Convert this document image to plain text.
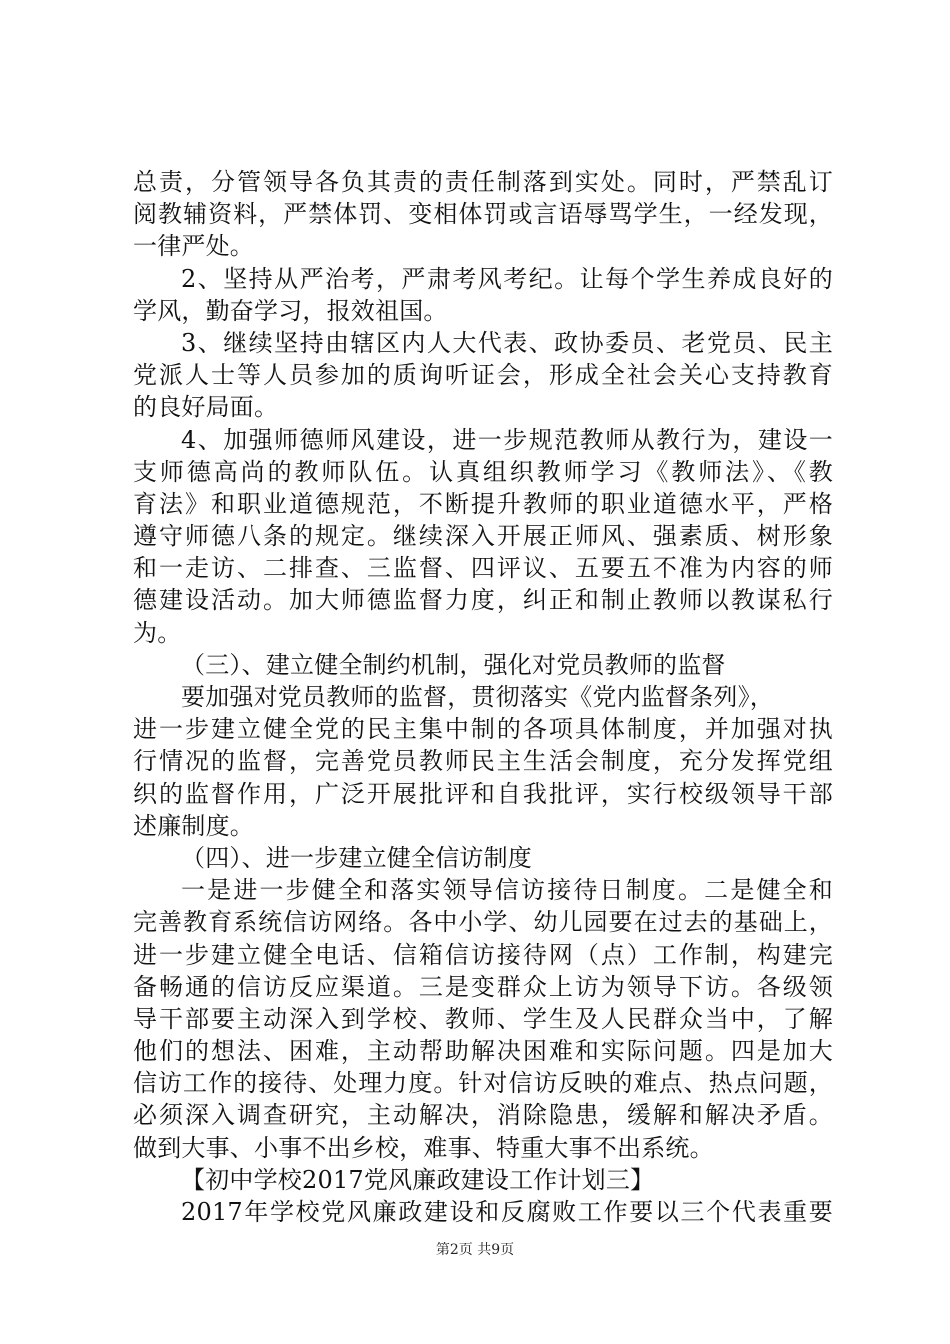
总责，分管领导各负其责的责任制落到实处。同时，严禁乱订
阅教辅资料，严禁体罚、变相体罚或言语辱骂学生，一经发现，
一律严处。
2、坚持从严治考，严肃考风考纪。让每个学生养成良好的
学风，勤奋学习，报效祖国。
3、继续坚持由辖区内人大代表、政协委员、老党员、民主
党派人士等人员参加的质询听证会，形成全社会关心支持教育
的良好局面。
4、加强师德师风建设，进一步规范教师从教行为，建设一
支师德高尚的教师队伍。认真组织教师学习《教师法》、《教
育法》和职业道德规范，不断提升教师的职业道德水平，严格
遵守师德八条的规定。继续深入开展正师风、强素质、树形象
和一走访、二排查、三监督、四评议、五要五不准为内容的师
德建设活动。加大师德监督力度，纠正和制止教师以教谋私行
为。
（三）、建立健全制约机制，强化对党员教师的监督
要加强对党员教师的监督，贯彻落实《党内监督条列》，
进一步建立健全党的民主集中制的各项具体制度，并加强对执
行情况的监督，完善党员教师民主生活会制度，充分发挥党组
织的监督作用，广泛开展批评和自我批评，实行校级领导干部
述廉制度。
（四）、进一步建立健全信访制度
一是进一步健全和落实领导信访接待日制度。二是健全和
完善教育系统信访网络。各中小学、幼儿园要在过去的基础上，
进一步建立健全电话、信箱信访接待网（点）工作制，构建完
备畅通的信访反应渠道。三是变群众上访为领导下访。各级领
导干部要主动深入到学校、教师、学生及人民群众当中，了解
他们的想法、困难，主动帮助解决困难和实际问题。四是加大
信访工作的接待、处理力度。针对信访反映的难点、热点问题，
必须深入调查研究，主动解决，消除隐患，缓解和解决矛盾。
做到大事、小事不出乡校，难事、特重大事不出系统。
【初中学校2017党风廉政建设工作计划三】
2017年学校党风廉政建设和反腐败工作要以三个代表重要
第2页 共9页
